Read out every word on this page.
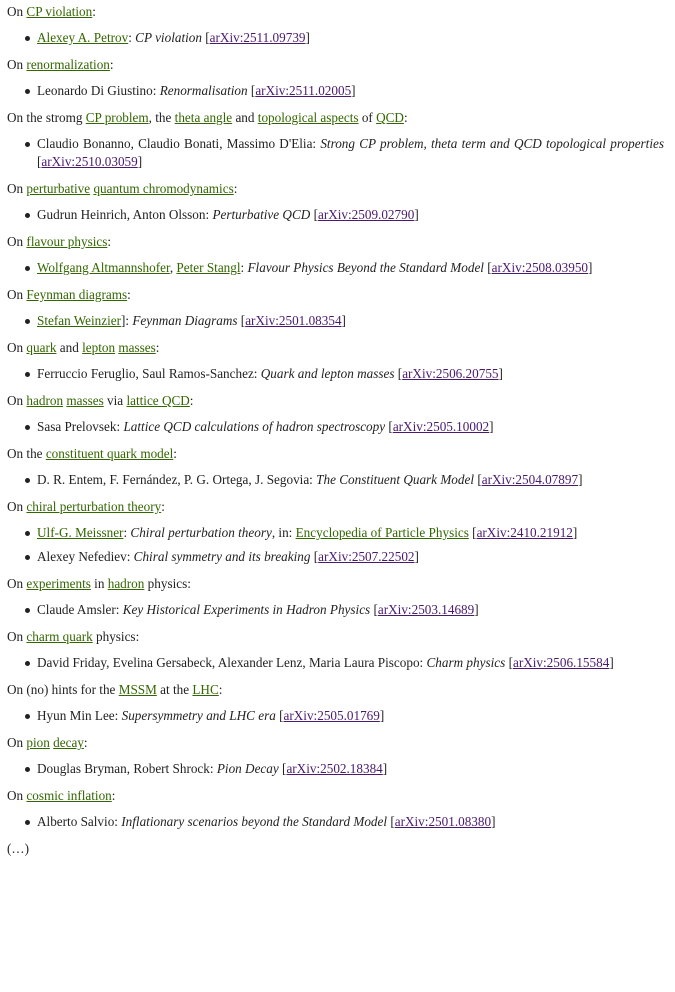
On CP violation:

Alexey A. Petrov: CP violation [arXiv:2511.09739]

On renormalization:

Leonardo Di Giustino: Renormalisation [arXiv:2511.02005]

On the stromg CP problem, the theta angle and topological aspects of QCD:

Claudio Bonanno, Claudio Bonati, Massimo D'Elia: Strong CP problem, theta term and QCD topological properties [arXiv:2510.03059]

On perturbative quantum chromodynamics:

Gudrun Heinrich, Anton Olsson: Perturbative QCD [arXiv:2509.02790]

On flavour physics:

Wolfgang Altmannshofer, Peter Stangl: Flavour Physics Beyond the Standard Model [arXiv:2508.03950]

On Feynman diagrams:

Stefan Weinzier]: Feynman Diagrams [arXiv:2501.08354]

On quark and lepton masses:

Ferruccio Feruglio, Saul Ramos-Sanchez: Quark and lepton masses [arXiv:2506.20755]

On hadron masses via lattice QCD:

Sasa Prelovsek: Lattice QCD calculations of hadron spectroscopy [arXiv:2505.10002]

On the constituent quark model:

D. R. Entem, F. Fernández, P. G. Ortega, J. Segovia: The Constituent Quark Model [arXiv:2504.07897]

On chiral perturbation theory:

Ulf-G. Meissner: Chiral perturbation theory, in: Encyclopedia of Particle Physics [arXiv:2410.21912]
Alexey Nefediev: Chiral symmetry and its breaking [arXiv:2507.22502]

On experiments in hadron physics:

Claude Amsler: Key Historical Experiments in Hadron Physics [arXiv:2503.14689]

On charm quark physics:

David Friday, Evelina Gersabeck, Alexander Lenz, Maria Laura Piscopo: Charm physics [arXiv:2506.15584]

On (no) hints for the MSSM at the LHC:

Hyun Min Lee: Supersymmetry and LHC era [arXiv:2505.01769]

On pion decay:

Douglas Bryman, Robert Shrock: Pion Decay [arXiv:2502.18384]

On cosmic inflation:

Alberto Salvio: Inflationary scenarios beyond the Standard Model [arXiv:2501.08380]

(…)
